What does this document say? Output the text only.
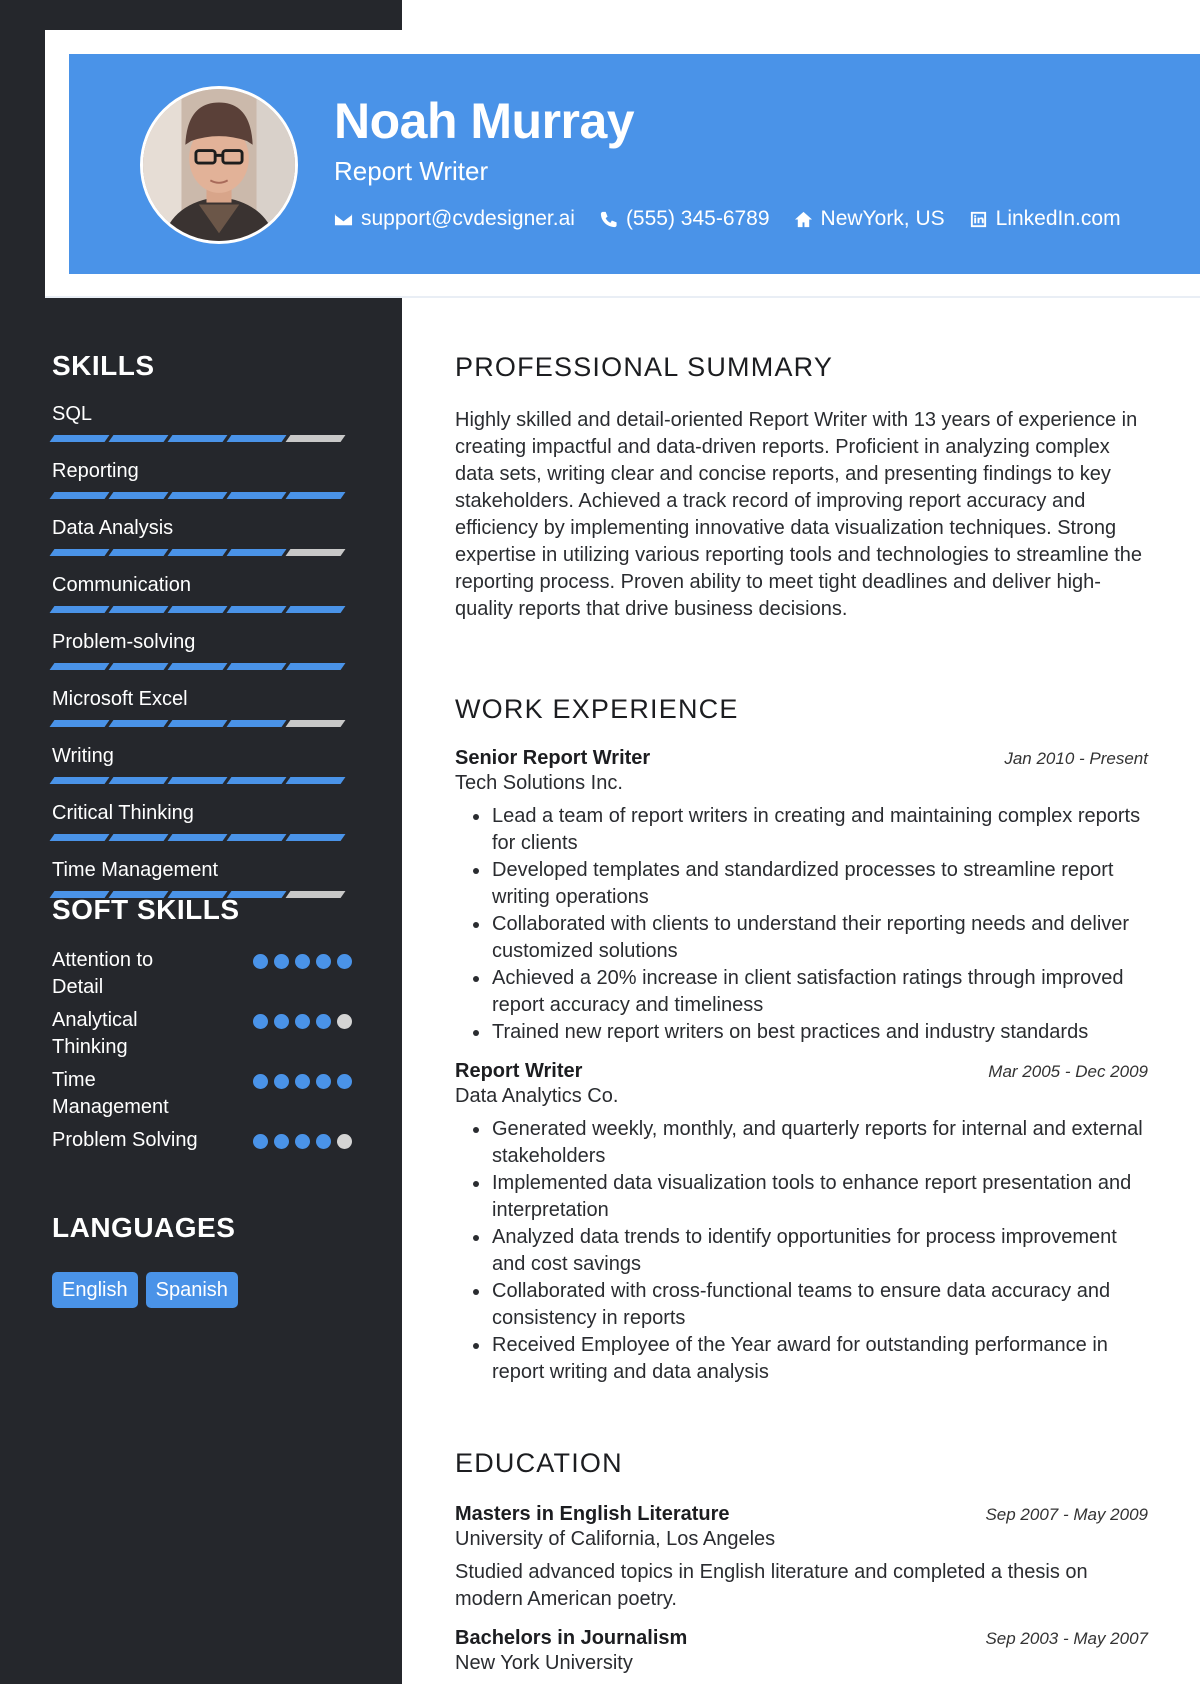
Noah Murray
Report Writer
support@cvdesigner.ai (555) 345-6789 NewYork, US LinkedIn.com
SKILLS
SQL
Reporting
Data Analysis
Communication
Problem-solving
Microsoft Excel
Writing
Critical Thinking
Time Management
SOFT SKILLS
Attention to Detail
Analytical Thinking
Time Management
Problem Solving
LANGUAGES
English	Spanish
PROFESSIONAL SUMMARY

Highly skilled and detail-oriented Report Writer with 13 years of experience in creating impactful and data-driven reports. Proficient in analyzing complex data sets, writing clear and concise reports, and presenting findings to key stakeholders. Achieved a track record of improving report accuracy and efficiency by implementing innovative data visualization techniques. Strong expertise in utilizing various reporting tools and technologies to streamline the reporting process. Proven ability to meet tight deadlines and deliver high-quality reports that drive business decisions.

WORK EXPERIENCE
Senior Report Writer	Jan 2010 - Present
Tech Solutions Inc.
Lead a team of report writers in creating and maintaining complex reports for clients
Developed templates and standardized processes to streamline report writing operations
Collaborated with clients to understand their reporting needs and deliver customized solutions
Achieved a 20% increase in client satisfaction ratings through improved report accuracy and timeliness
Trained new report writers on best practices and industry standards
Report Writer	Mar 2005 - Dec 2009
Data Analytics Co.
Generated weekly, monthly, and quarterly reports for internal and external stakeholders
Implemented data visualization tools to enhance report presentation and interpretation
Analyzed data trends to identify opportunities for process improvement and cost savings
Collaborated with cross-functional teams to ensure data accuracy and consistency in reports
Received Employee of the Year award for outstanding performance in report writing and data analysis
EDUCATION
Masters in English Literature	Sep 2007 - May 2009
University of California, Los Angeles

Studied advanced topics in English literature and completed a thesis on modern American poetry.

Bachelors in Journalism	Sep 2003 - May 2007
New York University
